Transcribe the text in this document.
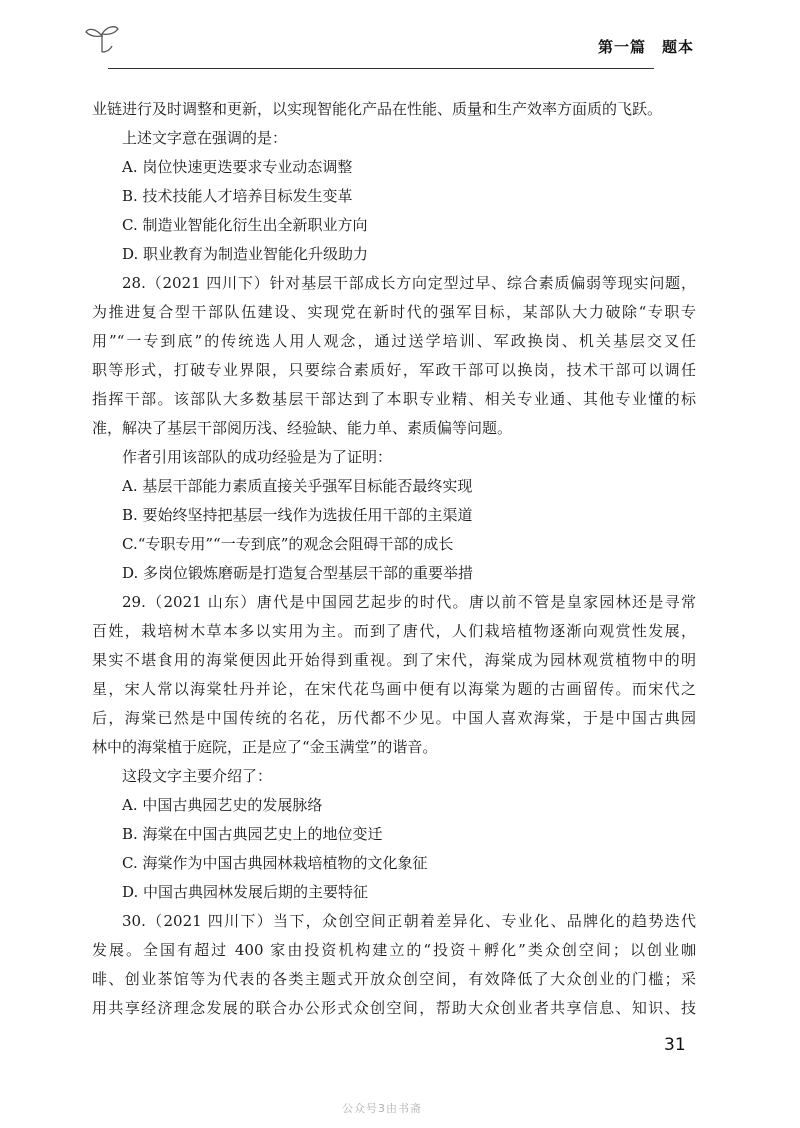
第一篇　题本

业链进行及时调整和更新，以实现智能化产品在性能、质量和生产效率方面质的飞跃。

上述文字意在强调的是：

A. 岗位快速更迭要求专业动态调整

B. 技术技能人才培养目标发生变革

C. 制造业智能化衍生出全新职业方向

D. 职业教育为制造业智能化升级助力

28.（2021 四川下）针对基层干部成长方向定型过早、综合素质偏弱等现实问题，

为推进复合型干部队伍建设、实现党在新时代的强军目标，某部队大力破除“专职专

用”“一专到底”的传统选人用人观念，通过送学培训、军政换岗、机关基层交叉任

职等形式，打破专业界限，只要综合素质好，军政干部可以换岗，技术干部可以调任

指挥干部。该部队大多数基层干部达到了本职专业精、相关专业通、其他专业懂的标

准，解决了基层干部阅历浅、经验缺、能力单、素质偏等问题。

作者引用该部队的成功经验是为了证明：

A. 基层干部能力素质直接关乎强军目标能否最终实现

B. 要始终坚持把基层一线作为选拔任用干部的主渠道

C.“专职专用”“一专到底”的观念会阻碍干部的成长

D. 多岗位锻炼磨砺是打造复合型基层干部的重要举措

29.（2021 山东）唐代是中国园艺起步的时代。唐以前不管是皇家园林还是寻常

百姓，栽培树木草本多以实用为主。而到了唐代，人们栽培植物逐渐向观赏性发展，

果实不堪食用的海棠便因此开始得到重视。到了宋代，海棠成为园林观赏植物中的明

星，宋人常以海棠牡丹并论，在宋代花鸟画中便有以海棠为题的古画留传。而宋代之

后，海棠已然是中国传统的名花，历代都不少见。中国人喜欢海棠，于是中国古典园

林中的海棠植于庭院，正是应了“金玉满堂”的谐音。

这段文字主要介绍了：

A. 中国古典园艺史的发展脉络

B. 海棠在中国古典园艺史上的地位变迁

C. 海棠作为中国古典园林栽培植物的文化象征

D. 中国古典园林发展后期的主要特征

30.（2021 四川下）当下，众创空间正朝着差异化、专业化、品牌化的趋势迭代

发展。全国有超过 400 家由投资机构建立的“投资＋孵化”类众创空间；以创业咖

啡、创业茶馆等为代表的各类主题式开放众创空间，有效降低了大众创业的门槛；采

用共享经济理念发展的联合办公形式众创空间，帮助大众创业者共享信息、知识、技

31
公众号3由书斋
